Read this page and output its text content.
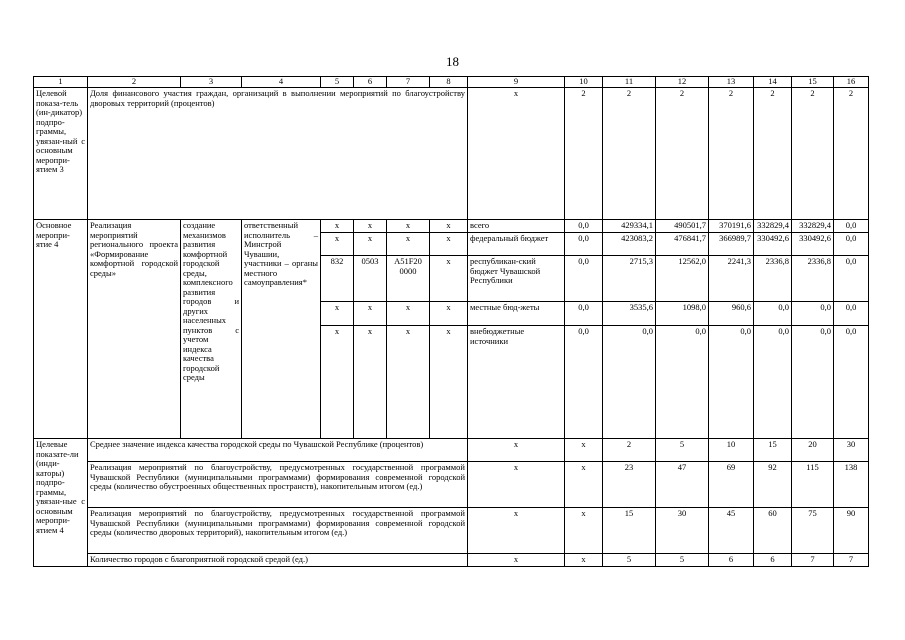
18
1	2	3	4	5	6	7	8	9	10	11	12	13	14	15	16
Целевой показа-тель (ин-дикатор) подпро-граммы, увязан-ный с основным меропри-ятием 3	Доля финансового участия граждан, организаций в выполнении мероприятий по благоустройству дворовых территорий (процентов)							x	2	2	2	2	2	2	2
Основное меропри-ятие 4	Реализация мероприятий регионального проекта «Формирование комфортной городской среды»	создание механизмов развития комфортной городской среды, комплексного развития городов и других населенных пунктов с учетом индекса качества городской среды	ответственный исполнитель – Минстрой Чувашии, участники – органы местного самоуправления*	x	x	x	x	всего	0,0	429334,1	490501,7	370191,6	332829,4	332829,4	0,0
				x	x	x	x	федеральный бюджет	0,0	423083,2	476841,7	366989,7	330492,6	330492,6	0,0
				832	0503	A51F20 0000	x	республикан-ский бюджет Чувашской Республики	0,0	2715,3	12562,0	2241,3	2336,8	2336,8	0,0
				x	x	x	x	местные бюд-жеты	0,0	3535,6	1098,0	960,6	0,0	0,0	0,0
				x	x	x	x	внебюджетные источники	0,0	0,0	0,0	0,0	0,0	0,0	0,0
Целевые показате-ли (инди-каторы) подпро-граммы, увязан-ные с основным меропри-ятием 4	Среднее значение индекса качества городской среды по Чувашской Республике (процентов)							x	x	2	5	10	15	20	30
	Реализация мероприятий по благоустройству, предусмотренных государственной программой Чувашской Республики (муниципальными программами) формирования современной городской среды (количество обустроенных общественных пространств), накопительным итогом (ед.)							x	x	23	47	69	92	115	138
	Реализация мероприятий по благоустройству, предусмотренных государственной программой Чувашской Республики (муниципальными программами) формирования современной городской среды (количество дворовых территорий), накопительным итогом (ед.)							x	x	15	30	45	60	75	90
	Количество городов с благоприятной городской средой (ед.)							x	x	5	5	6	6	7	7
